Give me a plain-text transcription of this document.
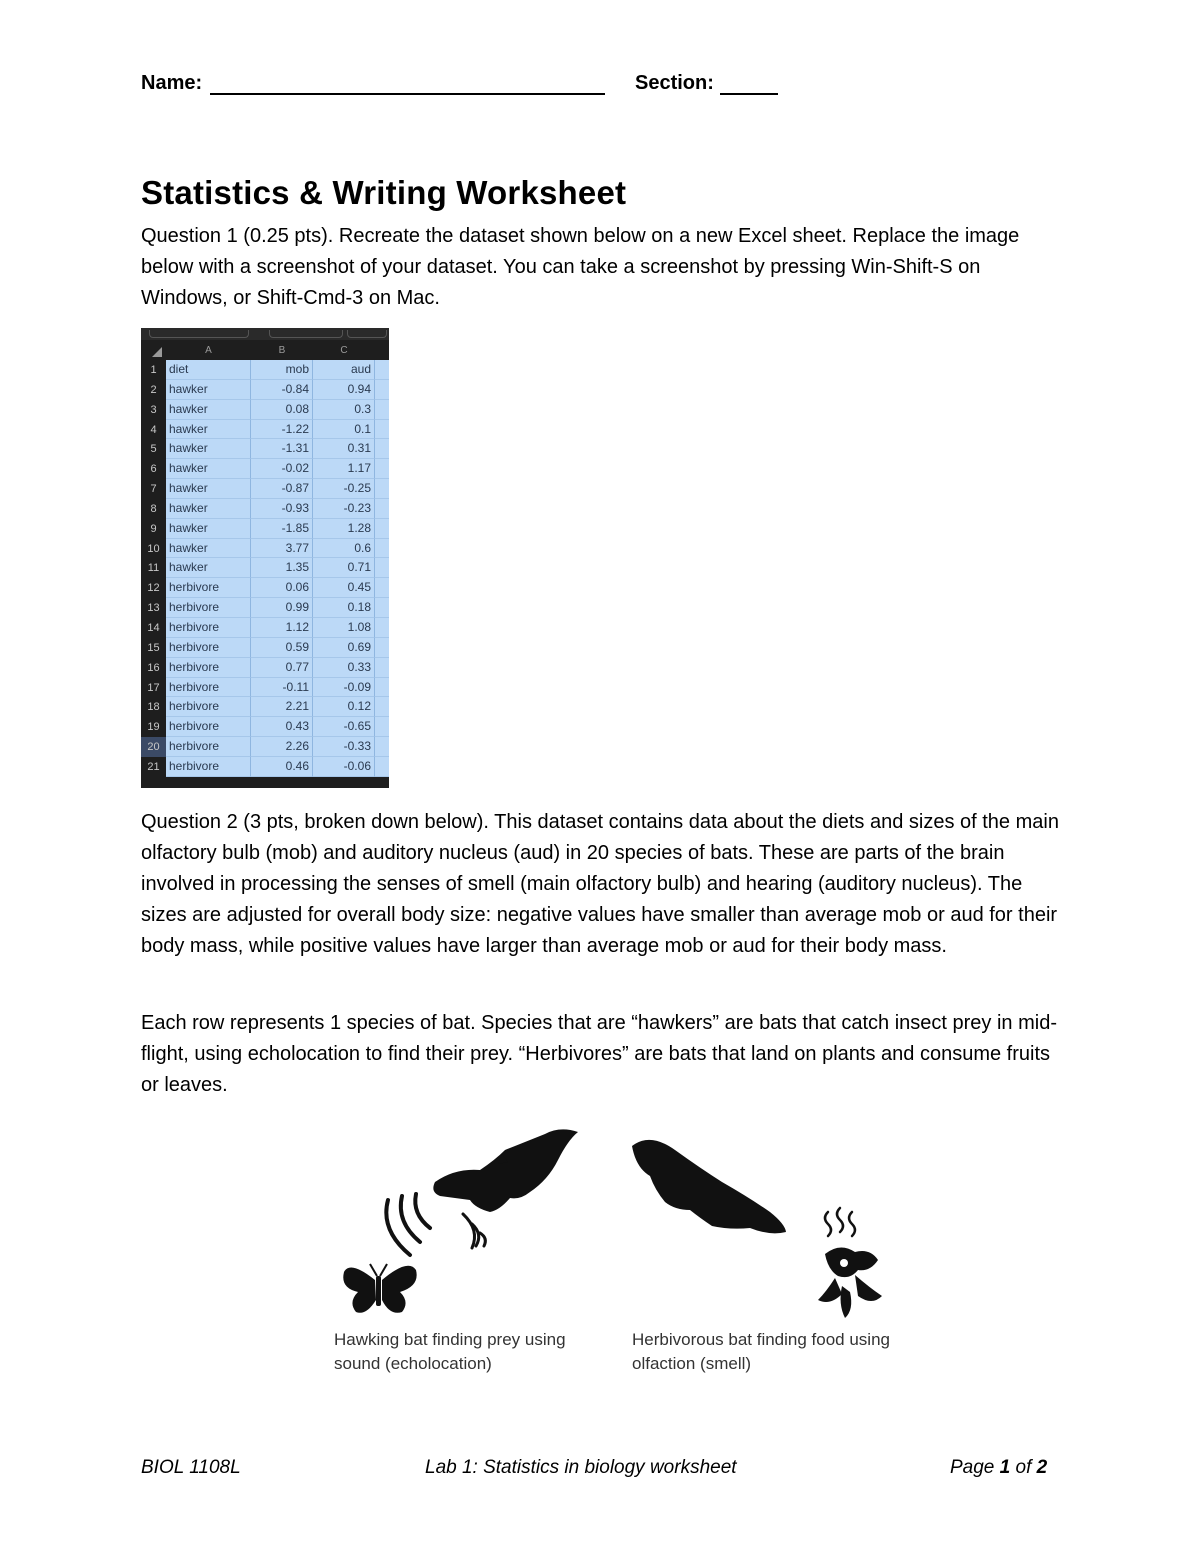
Name:	Section:
Statistics & Writing Worksheet

Question 1 (0.25 pts). Recreate the dataset shown below on a new Excel sheet. Replace the image below with a screenshot of your dataset. You can take a screenshot by pressing Win-Shift-S on Windows, or Shift-Cmd-3 on Mac.

A	B	C
1	diet	mob	aud
2	hawker	-0.84	0.94
3	hawker	0.08	0.3
4	hawker	-1.22	0.1
5	hawker	-1.31	0.31
6	hawker	-0.02	1.17
7	hawker	-0.87	-0.25
8	hawker	-0.93	-0.23
9	hawker	-1.85	1.28
10 hawker	3.77	0.6
11 hawker	1.35	0.71
12 herbivore	0.06	0.45
13 herbivore	0.99	0.18
14 herbivore	1.12	1.08
15 herbivore	0.59	0.69
16 herbivore	0.77	0.33
17 herbivore	-0.11	-0.09
18 herbivore	2.21	0.12
19 herbivore	0.43	-0.65
20 herbivore	2.26	-0.33
21 herbivore	0.46	-0.06

Question 2 (3 pts, broken down below). This dataset contains data about the diets and sizes of the main olfactory bulb (mob) and auditory nucleus (aud) in 20 species of bats. These are parts of the brain involved in processing the senses of smell (main olfactory bulb) and hearing (auditory nucleus). The sizes are adjusted for overall body size: negative values have smaller than average mob or aud for their body mass, while positive values have larger than average mob or aud for their body mass.

Each row represents 1 species of bat. Species that are “hawkers” are bats that catch insect prey in mid-flight, using echolocation to find their prey. “Herbivores” are bats that land on plants and consume fruits or leaves.

Hawking bat finding prey using sound (echolocation)
Herbivorous bat finding food using olfaction (smell)
BIOL 1108L	Lab 1: Statistics in biology worksheet	Page 1 of 2
